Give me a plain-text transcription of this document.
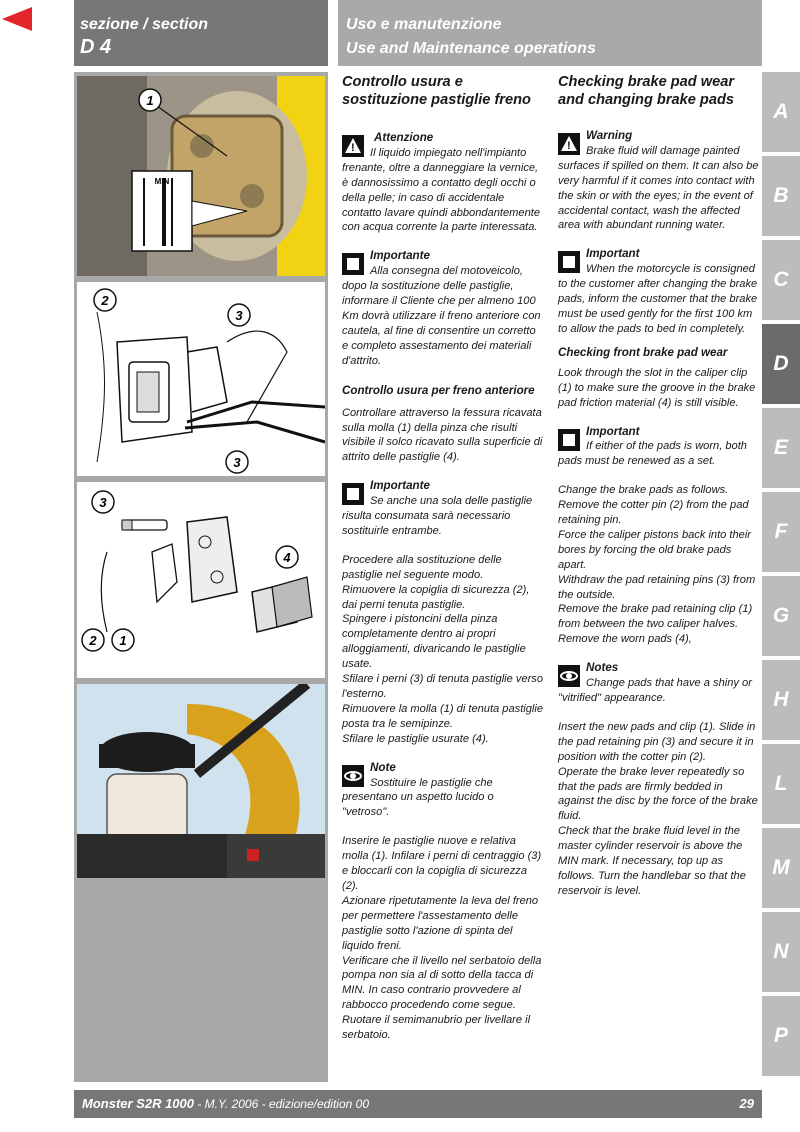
sezione / section
D 4
Uso e manutenzione
Use and Maintenance operations
1
MIN
2
3
3
3
4
2 1

Controllo usura e sostituzione pastiglie freno

!

Attenzione

Il liquido impiegato nell'impianto frenante, oltre a danneggiare la vernice, è dannosissimo a contatto degli occhi o della pelle; in caso di accidentale contatto lavare quindi abbondantemente con acqua corrente la parte interessata.

Importante

Alla consegna del motoveicolo, dopo la sostituzione delle pastiglie, informare il Cliente che per almeno 100 Km dovrà utilizzare il freno anteriore con cautela, al fine di consentire un corretto e completo assestamento dei materiali d'attrito.

Controllo usura per freno anteriore

Controllare attraverso la fessura ricavata sulla molla (1) della pinza che risulti visibile il solco ricavato sulla superficie di attrito delle pastiglie (4).

Importante

Se anche una sola delle pastiglie risulta consumata sarà necessario sostituirle entrambe.

Procedere alla sostituzione delle pastiglie nel seguente modo.

Rimuovere la copiglia di sicurezza (2), dai perni tenuta pastiglie.

Spingere i pistoncini della pinza completamente dentro ai propri alloggiamenti, divaricando le pastiglie usate.

Sfilare i perni (3) di tenuta pastiglie verso l'esterno.

Rimuovere la molla (1) di tenuta pastiglie posta tra le semipinze.

Sfilare le pastiglie usurate (4).

Note

Sostituire le pastiglie che presentano un aspetto lucido o "vetroso".

Inserire le pastiglie nuove e relativa molla (1). Infilare i perni di centraggio (3) e bloccarli con la copiglia di sicurezza (2).

Azionare ripetutamente la leva del freno per permettere l'assestamento delle pastiglie sotto l'azione di spinta del liquido freni.

Verificare che il livello nel serbatoio della pompa non sia al di sotto della tacca di MIN. In caso contrario provvedere al rabbocco procedendo come segue. Ruotare il semimanubrio per livellare il serbatoio.

Checking brake pad wear and changing brake pads

!

Warning

Brake fluid will damage painted surfaces if spilled on them. It can also be very harmful if it comes into contact with the skin or with the eyes; in the event of accidental contact, wash the affected area with abundant running water.

Important

When the motorcycle is consigned to the customer after changing the brake pads, inform the customer that the brake must be used gently for the first 100 km to allow the pads to bed in completely.

Checking front brake pad wear

Look through the slot in the caliper clip (1) to make sure the groove in the brake pad friction material (4) is still visible.

Important

If either of the pads is worn, both pads must be renewed as a set.

Change the brake pads as follows.

Remove the cotter pin (2) from the pad retaining pin.

Force the caliper pistons back into their bores by forcing the old brake pads apart.

Withdraw the pad retaining pins (3) from the outside.

Remove the brake pad retaining clip (1) from between the two caliper halves.

Remove the worn pads (4),

Notes

Change pads that have a shiny or "vitrified" appearance.

Insert the new pads and clip (1). Slide in the pad retaining pin (3) and secure it in position with the cotter pin (2).

Operate the brake lever repeatedly so that the pads are firmly bedded in against the disc by the force of the brake fluid.

Check that the brake fluid level in the master cylinder reservoir is above the MIN mark. If necessary, top up as follows. Turn the handlebar so that the reservoir is level.

A
B
C
D
E
F
G
H
L
M
N
P
Monster S2R 1000 - M.Y. 2006 - edizione/edition 00	29
